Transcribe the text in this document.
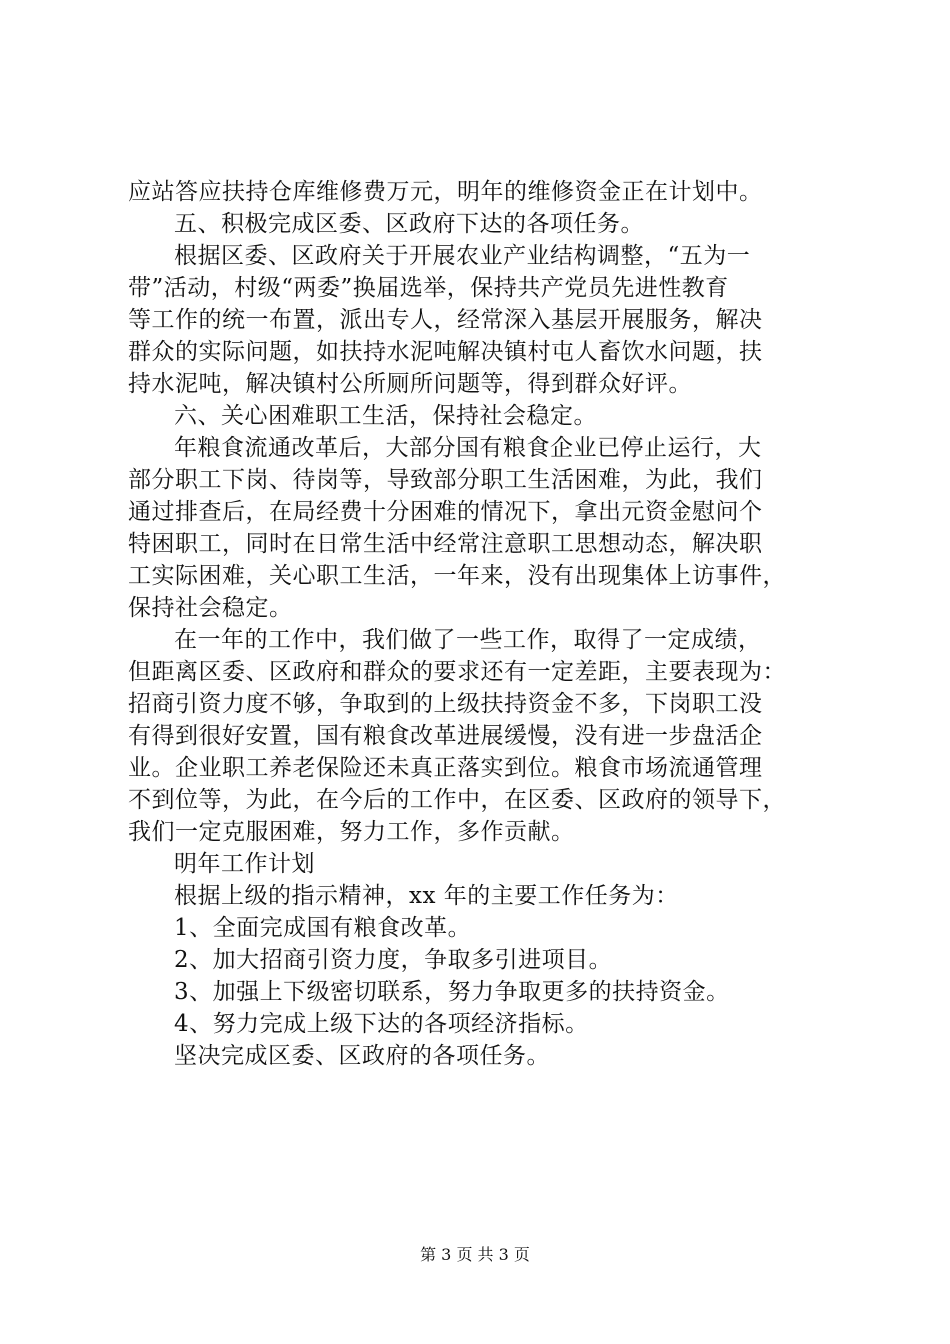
应站答应扶持仓库维修费万元，明年的维修资金正在计划中。
五、积极完成区委、区政府下达的各项任务。
根据区委、区政府关于开展农业产业结构调整，“五为一
带”活动，村级“两委”换届选举，保持共产党员先进性教育
等工作的统一布置，派出专人，经常深入基层开展服务，解决
群众的实际问题，如扶持水泥吨解决镇村屯人畜饮水问题，扶
持水泥吨，解决镇村公所厕所问题等，得到群众好评。
六、关心困难职工生活，保持社会稳定。
年粮食流通改革后，大部分国有粮食企业已停止运行，大
部分职工下岗、待岗等，导致部分职工生活困难，为此，我们
通过排查后，在局经费十分困难的情况下，拿出元资金慰问个
特困职工，同时在日常生活中经常注意职工思想动态，解决职
工实际困难，关心职工生活，一年来，没有出现集体上访事件，
保持社会稳定。
在一年的工作中，我们做了一些工作，取得了一定成绩，
但距离区委、区政府和群众的要求还有一定差距，主要表现为：
招商引资力度不够，争取到的上级扶持资金不多，下岗职工没
有得到很好安置，国有粮食改革进展缓慢，没有进一步盘活企
业。企业职工养老保险还未真正落实到位。粮食市场流通管理
不到位等，为此，在今后的工作中，在区委、区政府的领导下，
我们一定克服困难，努力工作，多作贡献。
明年工作计划
根据上级的指示精神，xx 年的主要工作任务为：
1、全面完成国有粮食改革。
2、加大招商引资力度，争取多引进项目。
3、加强上下级密切联系，努力争取更多的扶持资金。
4、努力完成上级下达的各项经济指标。
坚决完成区委、区政府的各项任务。
第 3 页 共 3 页
